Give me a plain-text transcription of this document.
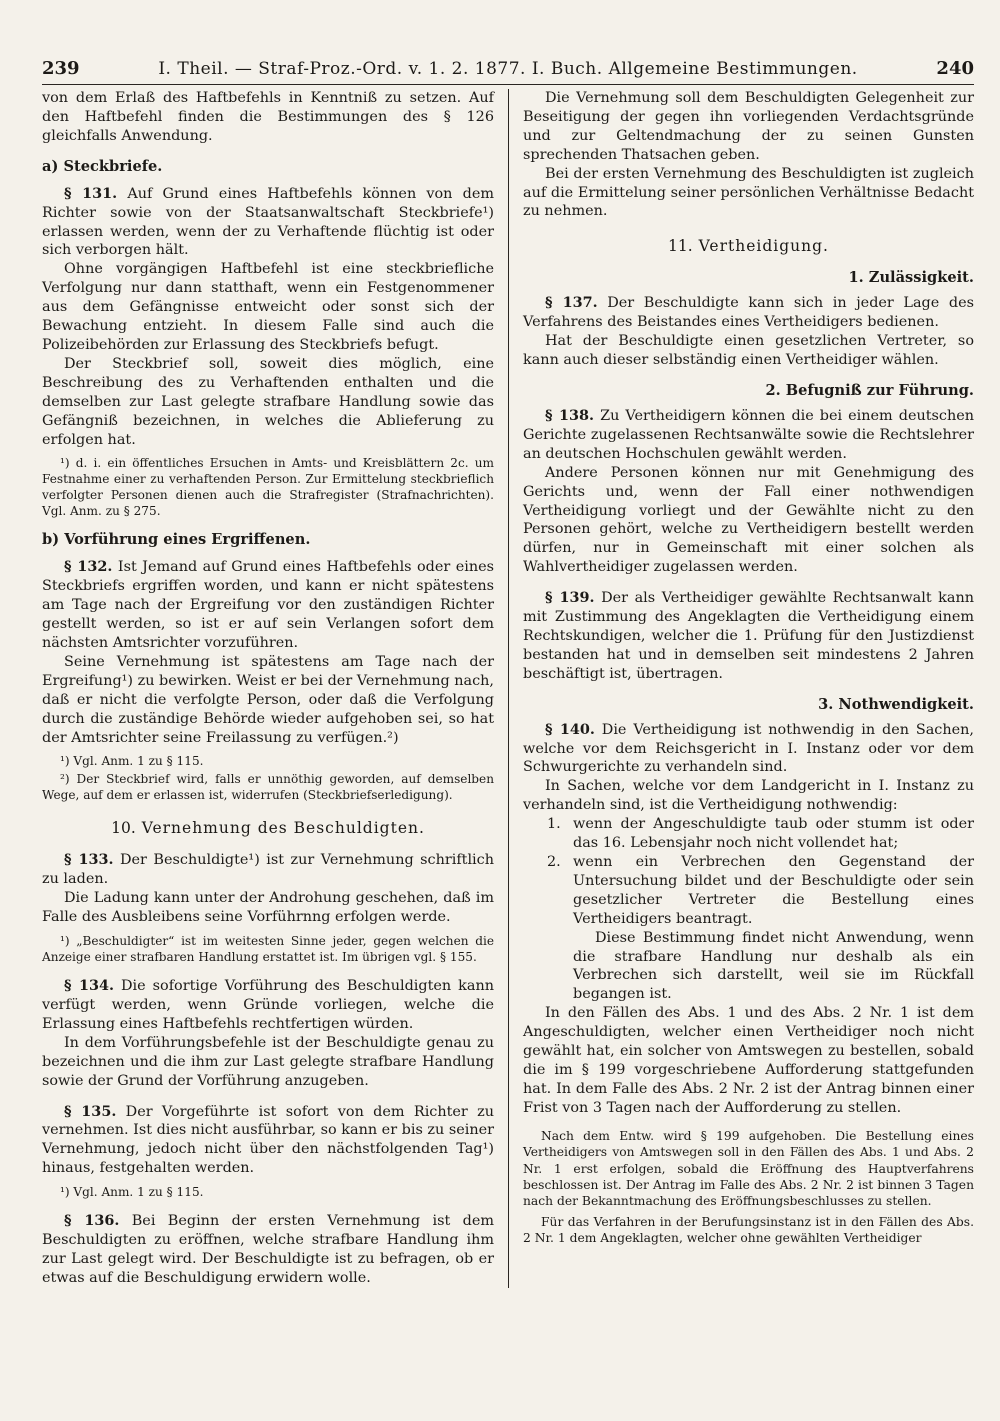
239	I. Theil. — Straf-Proz.-Ord. v. 1. 2. 1877. I. Buch. Allgemeine Bestimmungen.	240

von dem Erlaß des Haftbefehls in Kenntniß zu setzen. Auf den Haftbefehl finden die Bestimmungen des § 126 gleichfalls Anwendung.

a) Steckbriefe.

§ 131. Auf Grund eines Haftbefehls können von dem Richter sowie von der Staatsanwaltschaft Steckbriefe¹) erlassen werden, wenn der zu Verhaftende flüchtig ist oder sich verborgen hält.

Ohne vorgängigen Haftbefehl ist eine steckbriefliche Verfolgung nur dann statthaft, wenn ein Festgenommener aus dem Gefängnisse entweicht oder sonst sich der Bewachung entzieht. In diesem Falle sind auch die Polizeibehörden zur Erlassung des Steckbriefs befugt.

Der Steckbrief soll, soweit dies möglich, eine Beschreibung des zu Verhaftenden enthalten und die demselben zur Last gelegte strafbare Handlung sowie das Gefängniß bezeichnen, in welches die Ablieferung zu erfolgen hat.

¹) d. i. ein öffentliches Ersuchen in Amts- und Kreisblättern 2c. um Festnahme einer zu verhaftenden Person. Zur Ermittelung steckbrieflich verfolgter Personen dienen auch die Strafregister (Strafnachrichten). Vgl. Anm. zu § 275.

b) Vorführung eines Ergriffenen.

§ 132. Ist Jemand auf Grund eines Haftbefehls oder eines Steckbriefs ergriffen worden, und kann er nicht spätestens am Tage nach der Ergreifung vor den zuständigen Richter gestellt werden, so ist er auf sein Verlangen sofort dem nächsten Amtsrichter vorzuführen.

Seine Vernehmung ist spätestens am Tage nach der Ergreifung¹) zu bewirken. Weist er bei der Vernehmung nach, daß er nicht die verfolgte Person, oder daß die Verfolgung durch die zuständige Behörde wieder aufgehoben sei, so hat der Amtsrichter seine Freilassung zu verfügen.²)

¹) Vgl. Anm. 1 zu § 115.

²) Der Steckbrief wird, falls er unnöthig geworden, auf demselben Wege, auf dem er erlassen ist, widerrufen (Steckbriefserledigung).

10. Vernehmung des Beschuldigten.

§ 133. Der Beschuldigte¹) ist zur Vernehmung schriftlich zu laden.

Die Ladung kann unter der Androhung geschehen, daß im Falle des Ausbleibens seine Vorführnng erfolgen werde.

¹) „Beschuldigter“ ist im weitesten Sinne jeder, gegen welchen die Anzeige einer strafbaren Handlung erstattet ist. Im übrigen vgl. § 155.

§ 134. Die sofortige Vorführung des Beschuldigten kann verfügt werden, wenn Gründe vorliegen, welche die Erlassung eines Haftbefehls rechtfertigen würden.

In dem Vorführungsbefehle ist der Beschuldigte genau zu bezeichnen und die ihm zur Last gelegte strafbare Handlung sowie der Grund der Vorführung anzugeben.

§ 135. Der Vorgeführte ist sofort von dem Richter zu vernehmen. Ist dies nicht ausführbar, so kann er bis zu seiner Vernehmung, jedoch nicht über den nächstfolgenden Tag¹) hinaus, festgehalten werden.

¹) Vgl. Anm. 1 zu § 115.

§ 136. Bei Beginn der ersten Vernehmung ist dem Beschuldigten zu eröffnen, welche strafbare Handlung ihm zur Last gelegt wird. Der Beschuldigte ist zu befragen, ob er etwas auf die Beschuldigung erwidern wolle.

Die Vernehmung soll dem Beschuldigten Gelegenheit zur Beseitigung der gegen ihn vorliegenden Verdachtsgründe und zur Geltendmachung der zu seinen Gunsten sprechenden Thatsachen geben.

Bei der ersten Vernehmung des Beschuldigten ist zugleich auf die Ermittelung seiner persönlichen Verhältnisse Bedacht zu nehmen.

11. Vertheidigung.
1. Zulässigkeit.

§ 137. Der Beschuldigte kann sich in jeder Lage des Verfahrens des Beistandes eines Vertheidigers bedienen.

Hat der Beschuldigte einen gesetzlichen Vertreter, so kann auch dieser selbständig einen Vertheidiger wählen.

2. Befugniß zur Führung.

§ 138. Zu Vertheidigern können die bei einem deutschen Gerichte zugelassenen Rechtsanwälte sowie die Rechtslehrer an deutschen Hochschulen gewählt werden.

Andere Personen können nur mit Genehmigung des Gerichts und, wenn der Fall einer nothwendigen Vertheidigung vorliegt und der Gewählte nicht zu den Personen gehört, welche zu Vertheidigern bestellt werden dürfen, nur in Gemeinschaft mit einer solchen als Wahlvertheidiger zugelassen werden.

§ 139. Der als Vertheidiger gewählte Rechtsanwalt kann mit Zustimmung des Angeklagten die Vertheidigung einem Rechtskundigen, welcher die 1. Prüfung für den Justizdienst bestanden hat und in demselben seit mindestens 2 Jahren beschäftigt ist, übertragen.

3. Nothwendigkeit.

§ 140. Die Vertheidigung ist nothwendig in den Sachen, welche vor dem Reichsgericht in I. Instanz oder vor dem Schwurgerichte zu verhandeln sind.

In Sachen, welche vor dem Landgericht in I. Instanz zu verhandeln sind, ist die Vertheidigung nothwendig:

1. wenn der Angeschuldigte taub oder stumm ist oder das 16. Lebensjahr noch nicht vollendet hat;
2. wenn ein Verbrechen den Gegenstand der Untersuchung bildet und der Beschuldigte oder sein gesetzlicher Vertreter die Bestellung eines Vertheidigers beantragt.

Diese Bestimmung findet nicht Anwendung, wenn die strafbare Handlung nur deshalb als ein Verbrechen sich darstellt, weil sie im Rückfall begangen ist.

In den Fällen des Abs. 1 und des Abs. 2 Nr. 1 ist dem Angeschuldigten, welcher einen Vertheidiger noch nicht gewählt hat, ein solcher von Amtswegen zu bestellen, sobald die im § 199 vorgeschriebene Aufforderung stattgefunden hat. In dem Falle des Abs. 2 Nr. 2 ist der Antrag binnen einer Frist von 3 Tagen nach der Aufforderung zu stellen.

Nach dem Entw. wird § 199 aufgehoben. Die Bestellung eines Vertheidigers von Amtswegen soll in den Fällen des Abs. 1 und Abs. 2 Nr. 1 erst erfolgen, sobald die Eröffnung des Hauptverfahrens beschlossen ist. Der Antrag im Falle des Abs. 2 Nr. 2 ist binnen 3 Tagen nach der Bekanntmachung des Eröffnungsbeschlusses zu stellen.

Für das Verfahren in der Berufungsinstanz ist in den Fällen des Abs. 2 Nr. 1 dem Angeklagten, welcher ohne gewählten Vertheidiger
